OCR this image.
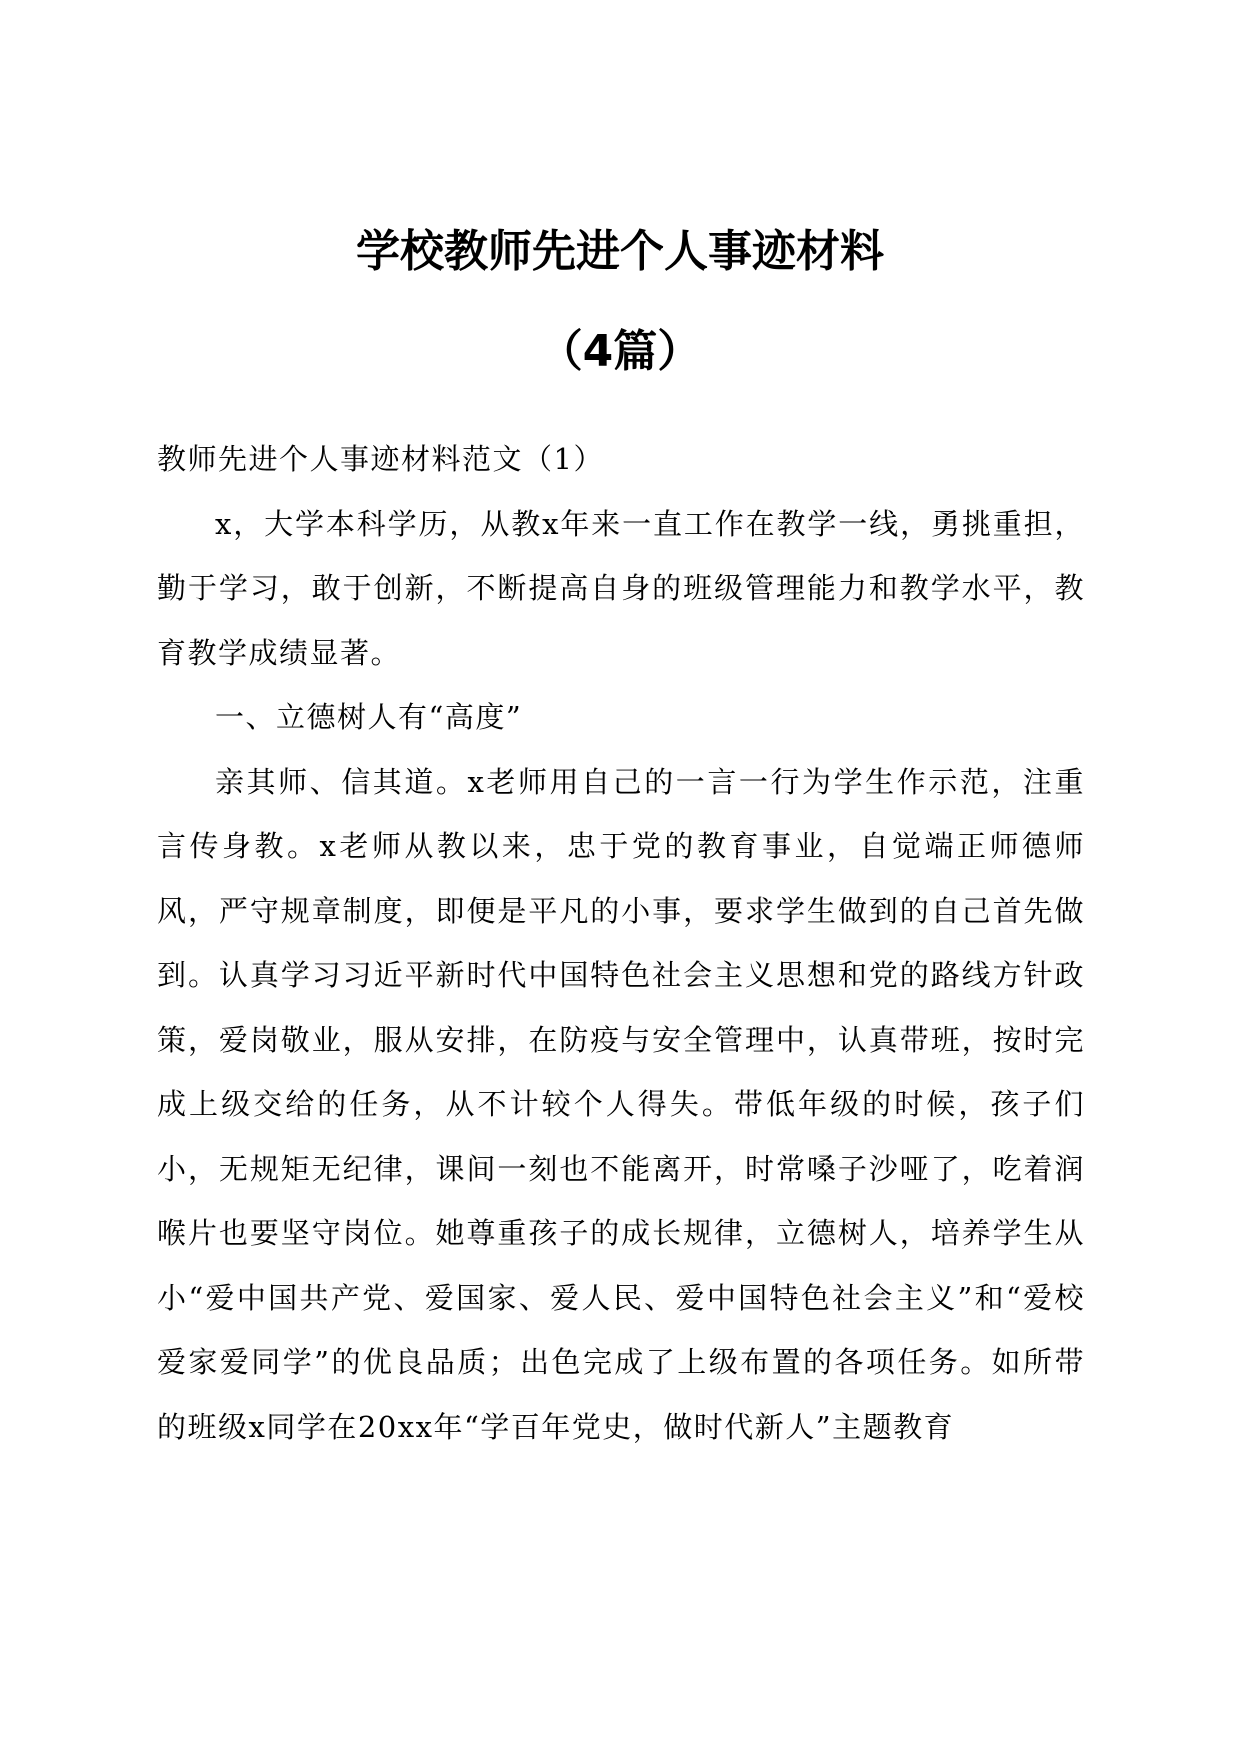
学校教师先进个人事迹材料
（4篇）

教师先进个人事迹材料范文（1）

x，大学本科学历，从教x年来一直工作在教学一线，勇挑重担，勤于学习，敢于创新，不断提高自身的班级管理能力和教学水平，教育教学成绩显著。

一、立德树人有“高度”

亲其师、信其道。x老师用自己的一言一行为学生作示范，注重言传身教。x老师从教以来，忠于党的教育事业，自觉端正师德师风，严守规章制度，即便是平凡的小事，要求学生做到的自己首先做到。认真学习习近平新时代中国特色社会主义思想和党的路线方针政策，爱岗敬业，服从安排，在防疫与安全管理中，认真带班，按时完成上级交给的任务，从不计较个人得失。带低年级的时候，孩子们小，无规矩无纪律，课间一刻也不能离开，时常嗓子沙哑了，吃着润喉片也要坚守岗位。她尊重孩子的成长规律，立德树人，培养学生从小“爱中国共产党、爱国家、爱人民、爱中国特色社会主义”和“爱校爱家爱同学”的优良品质；出色完成了上级布置的各项任务。如所带的班级x同学在20xx年“学百年党史，做时代新人”主题教育
